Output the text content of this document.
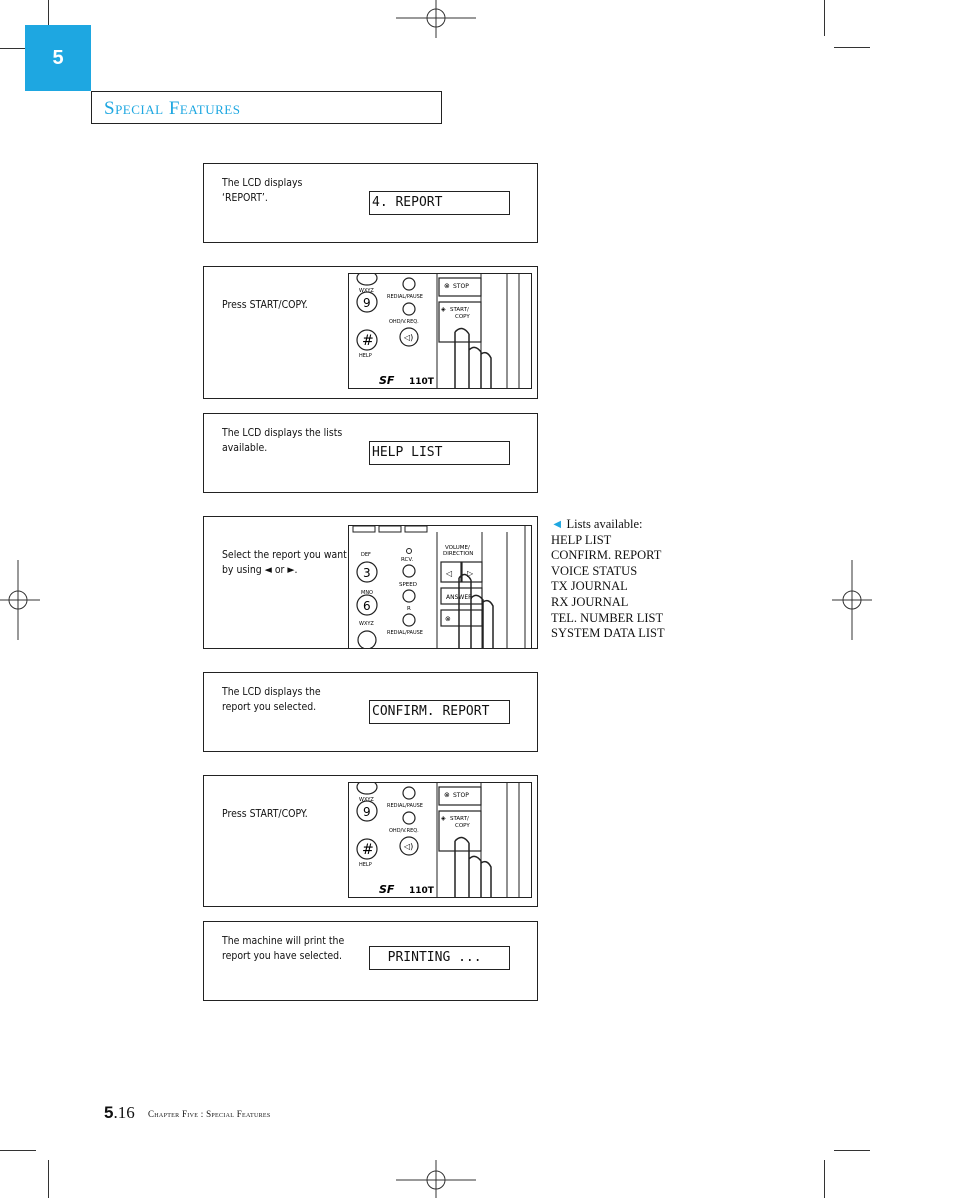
5
Special Features
The LCD displays ‘REPORT’.	4. REPORT
Press START/COPY.
WXYZ
9
#
HELP
REDIAL/PAUSE
OHD/V.REQ.
◁)
⊗ STOP
◈ START/
COPY
SF 110T
The LCD displays the lists available.	HELP LIST
Select the report you want by using ◄ or ►.
DEF
3
MNO
6
WXYZ
RCV.
SPEED
R
REDIAL/PAUSE
VOLUME/
DIRECTION
◁ ▷
ANSWER
⊗
The LCD displays the report you selected.	CONFIRM. REPORT
Press START/COPY.
WXYZ
9
#
HELP
REDIAL/PAUSE
OHD/V.REQ.
◁)
⊗ STOP
◈ START/
COPY
SF 110T
The machine will print the report you have selected.	PRINTING ...
◄ Lists available:
HELP LIST
CONFIRM. REPORT
VOICE STATUS
TX JOURNAL
RX JOURNAL
TEL. NUMBER LIST
SYSTEM DATA LIST
5.16 Chapter Five : Special Features
